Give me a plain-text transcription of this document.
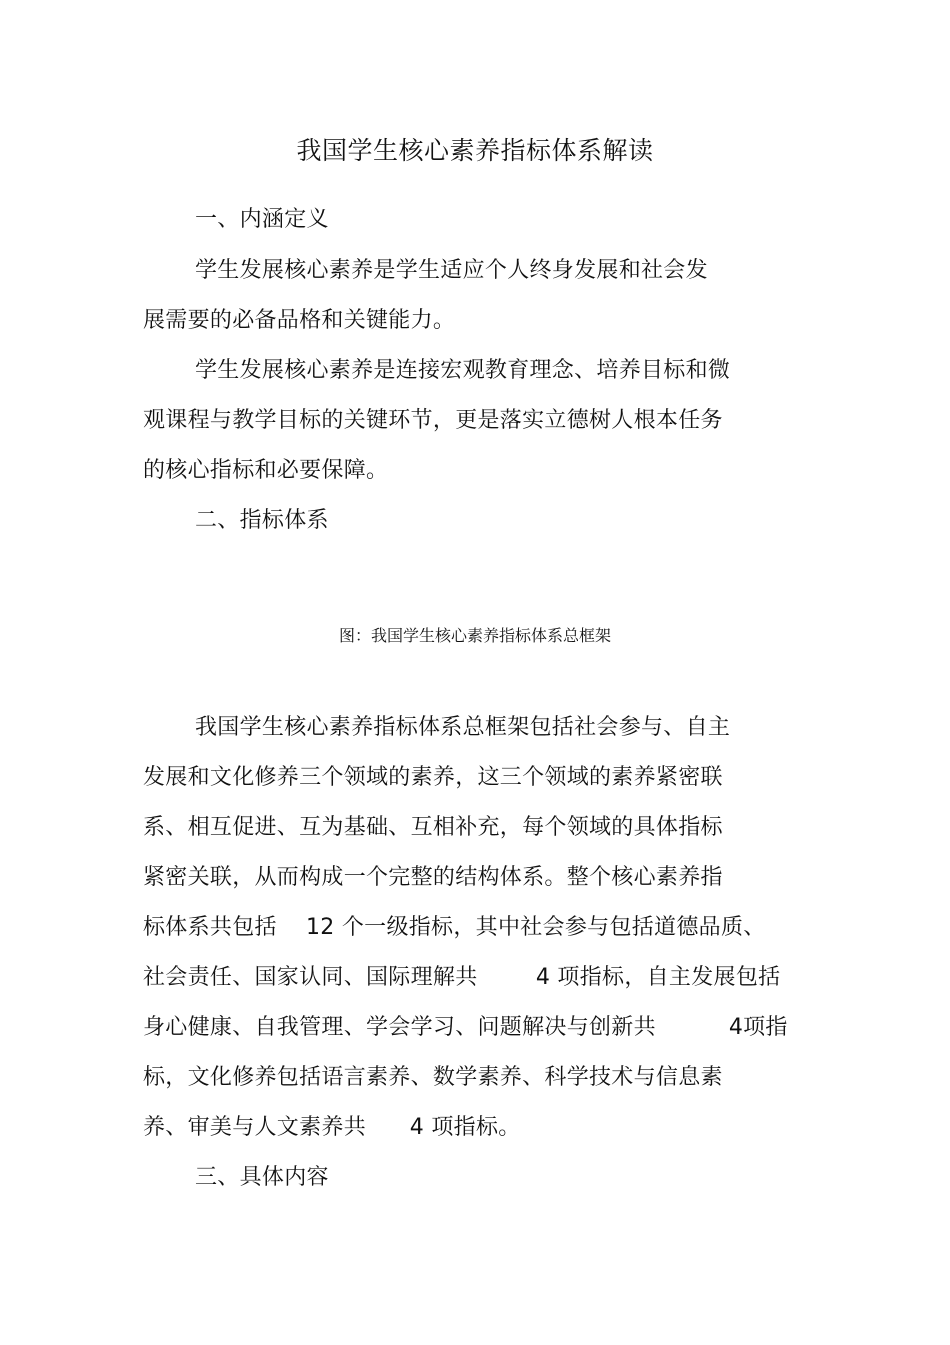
我国学生核心素养指标体系解读
一、内涵定义
学生发展核心素养是学生适应个人终身发展和社会发
展需要的必备品格和关键能力。
学生发展核心素养是连接宏观教育理念、培养目标和微
观课程与教学目标的关键环节，更是落实立德树人根本任务
的核心指标和必要保障。
二、指标体系
图：我国学生核心素养指标体系总框架
我国学生核心素养指标体系总框架包括社会参与、自主
发展和文化修养三个领域的素养，这三个领域的素养紧密联
系、相互促进、互为基础、互相补充，每个领域的具体指标
紧密关联，从而构成一个完整的结构体系。整个核心素养指
标体系共包括    12 个一级指标，其中社会参与包括道德品质、
社会责任、国家认同、国际理解共        4 项指标，自主发展包括
身心健康、自我管理、学会学习、问题解决与创新共          4项指
标，文化修养包括语言素养、数学素养、科学技术与信息素
养、审美与人文素养共      4 项指标。
三、具体内容
